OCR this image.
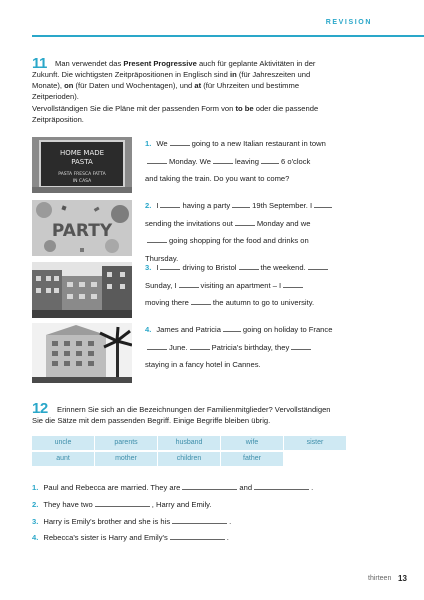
REVISION
11 Man verwendet das Present Progressive auch für geplante Aktivitäten in der
Zukunft. Die wichtigsten Zeitpräpositionen in Englisch sind in (für Jahreszeiten und
Monate), on (für Daten und Wochentagen), und at (für Uhrzeiten und bestimme
Zeitperioden).
Vervollständigen Sie die Pläne mit der passenden Form von to be oder die passende
Zeitpräposition.
HOME MADE
PASTA
PASTA FRESCA FATTA
IN CASA
PARTY
1. We	going to a new Italian restaurant in town
Monday. We	leaving	6 o'clock
and taking the train. Do you want to come?
2. I	having a party	19th September. I
sending the invitations out	Monday and we
going shopping for the food and drinks on
Thursday.
3. I	driving to Bristol	the weekend.
Sunday, I	visiting an apartment – I
moving there	the autumn to go to university.
4. James and Patricia	going on holiday to France
June.	Patricia's birthday, they
staying in a fancy hotel in Cannes.
12 Erinnern Sie sich an die Bezeichnungen der Familienmitglieder? Vervollständigen
Sie die Sätze mit dem passenden Begriff. Einige Begriffe bleiben übrig.
uncle	parents	husband	wife	sister
aunt	mother	children	father
1. Paul and Rebecca are married. They are	and	.
2. They have two	, Harry and Emily.
3. Harry is Emily's brother and she is his	.
4. Rebecca's sister is Harry and Emily's	.
thirteen 13
